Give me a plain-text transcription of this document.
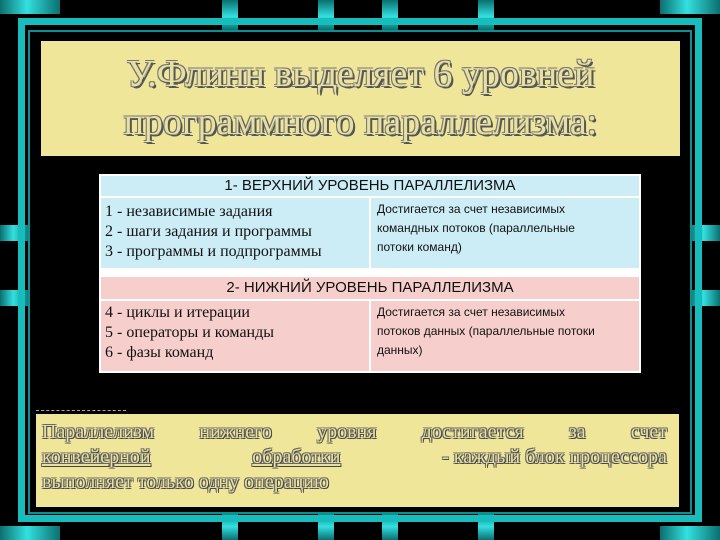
У.Флинн выделяет 6 уровней
программного параллелизма:
1- ВЕРХНИЙ УРОВЕНЬ ПАРАЛЛЕЛИЗМА
1 - независимые задания
2 - шаги задания и программы
3 - программы и подпрограммы
Достигается за счет независимых
командных потоков (параллельные
потоки команд)
2- НИЖНИЙ УРОВЕНЬ ПАРАЛЛЕЛИЗМА
4 - циклы и итерации
5 - операторы и команды
6 - фазы команд
Достигается за счет независимых
потоков данных (параллельные потоки
данных)
Параллелизм нижнего уровня достигается за счет
конвейерной	обработки	- каждый блок процессора
выполняет только одну операцию
